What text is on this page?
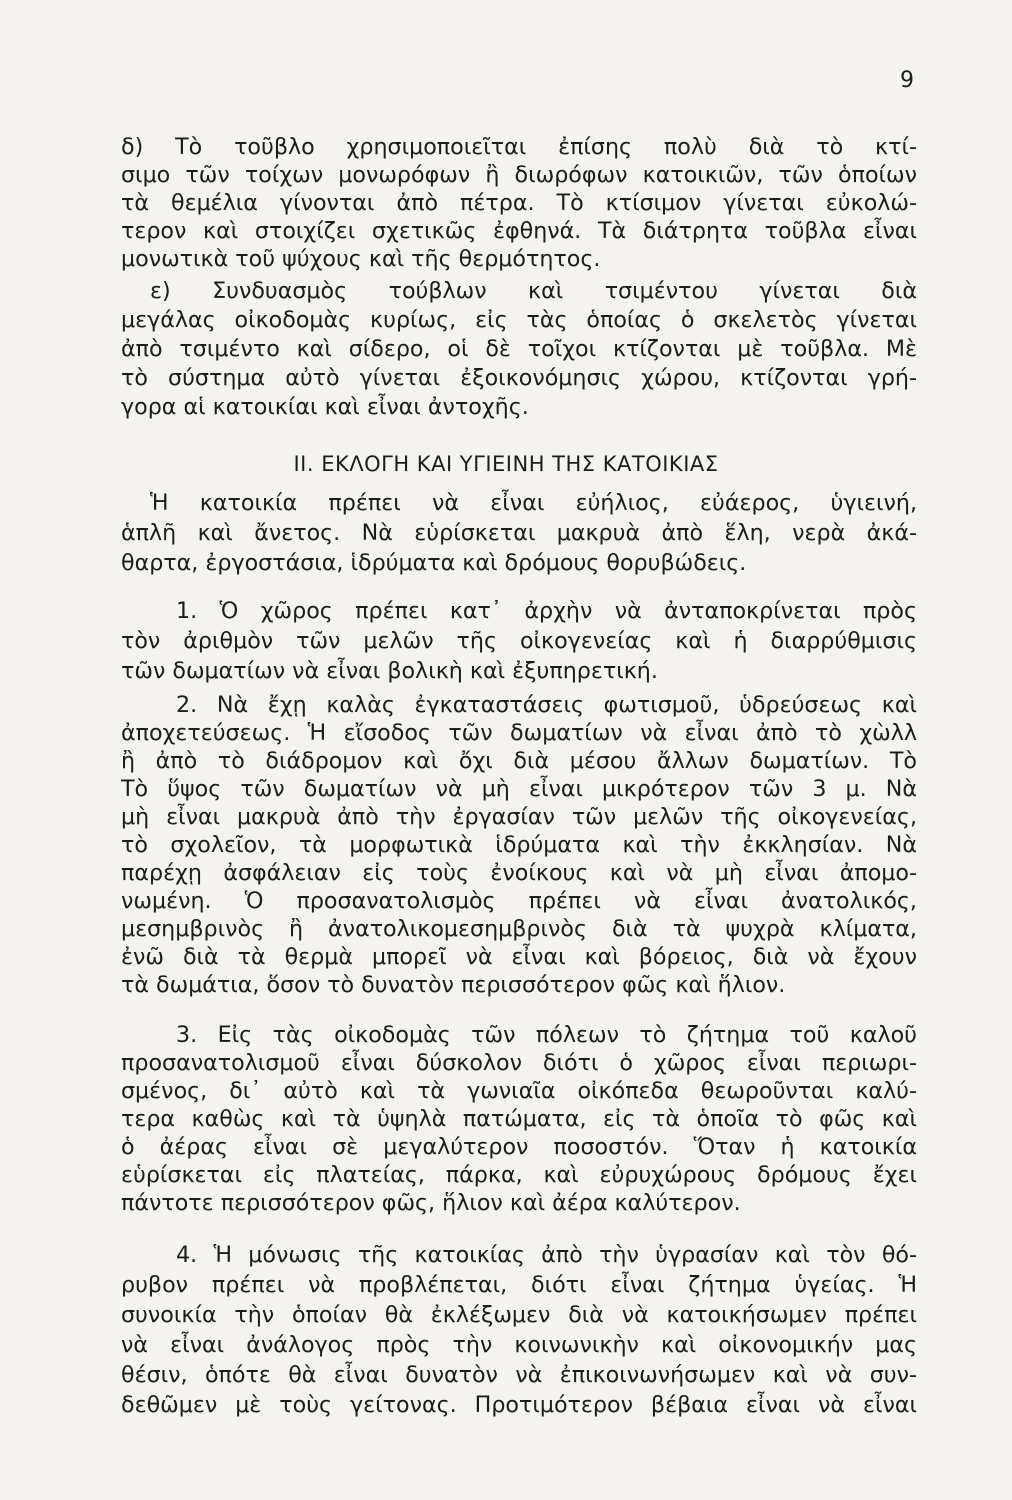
9
δ) Τὸ τοῦβλο χρησιμοποιεῖται ἐπίσης πολὺ διὰ τὸ κτί-
σιμο τῶν τοίχων μονωρόφων ἢ διωρόφων κατοικιῶν, τῶν ὁποίων
τὰ θεμέλια γίνονται ἀπὸ πέτρα. Τὸ κτίσιμον γίνεται εὐκολώ-
τερον καὶ στοιχίζει σχετικῶς ἐφθηνά. Τὰ διάτρητα τοῦβλα εἶναι
μονωτικὰ τοῦ ψύχους καὶ τῆς θερμότητος.
ε) Συνδυασμὸς τούβλων καὶ τσιμέντου γίνεται διὰ
μεγάλας οἰκοδομὰς κυρίως, εἰς τὰς ὁποίας ὁ σκελετὸς γίνεται
ἀπὸ τσιμέντο καὶ σίδερο, οἱ δὲ τοῖχοι κτίζονται μὲ τοῦβλα. Μὲ
τὸ σύστημα αὐτὸ γίνεται ἐξοικονόμησις χώρου, κτίζονται γρή-
γορα αἱ κατοικίαι καὶ εἶναι ἀντοχῆς.
II. ΕΚΛΟΓΗ ΚΑΙ ΥΓΙΕΙΝΗ ΤΗΣ ΚΑΤΟΙΚΙΑΣ
Ἡ κατοικία πρέπει νὰ εἶναι εὐήλιος, εὐάερος, ὑγιεινή,
ἁπλῆ καὶ ἄνετος. Νὰ εὑρίσκεται μακρυὰ ἀπὸ ἕλη, νερὰ ἀκά-
θαρτα, ἐργοστάσια, ἱδρύματα καὶ δρόμους θορυβώδεις.
1. Ὁ χῶρος πρέπει κατ᾽ ἀρχὴν νὰ ἀνταποκρίνεται πρὸς
τὸν ἀριθμὸν τῶν μελῶν τῆς οἰκογενείας καὶ ἡ διαρρύθμισις
τῶν δωματίων νὰ εἶναι βολικὴ καὶ ἐξυπηρετική.
2. Νὰ ἔχῃ καλὰς ἐγκαταστάσεις φωτισμοῦ, ὑδρεύσεως καὶ
ἀποχετεύσεως. Ἡ εἴσοδος τῶν δωματίων νὰ εἶναι ἀπὸ τὸ χὼλλ
ἢ ἀπὸ τὸ διάδρομον καὶ ὄχι διὰ μέσου ἄλλων δωματίων. Τὸ
Τὸ ὕψος τῶν δωματίων νὰ μὴ εἶναι μικρότερον τῶν 3 μ. Νὰ
μὴ εἶναι μακρυὰ ἀπὸ τὴν ἐργασίαν τῶν μελῶν τῆς οἰκογενείας,
τὸ σχολεῖον, τὰ μορφωτικὰ ἱδρύματα καὶ τὴν ἐκκλησίαν. Νὰ
παρέχῃ ἀσφάλειαν εἰς τοὺς ἐνοίκους καὶ νὰ μὴ εἶναι ἀπομο-
νωμένη. Ὁ προσανατολισμὸς πρέπει νὰ εἶναι ἀνατολικός,
μεσημβρινὸς ἢ ἀνατολικομεσημβρινὸς διὰ τὰ ψυχρὰ κλίματα,
ἐνῶ διὰ τὰ θερμὰ μπορεῖ νὰ εἶναι καὶ βόρειος, διὰ νὰ ἔχουν
τὰ δωμάτια, ὅσον τὸ δυνατὸν περισσότερον φῶς καὶ ἥλιον.
3. Εἰς τὰς οἰκοδομὰς τῶν πόλεων τὸ ζήτημα τοῦ καλοῦ
προσανατολισμοῦ εἶναι δύσκολον διότι ὁ χῶρος εἶναι περιωρι-
σμένος, δι᾽ αὐτὸ καὶ τὰ γωνιαῖα οἰκόπεδα θεωροῦνται καλύ-
τερα καθὼς καὶ τὰ ὑψηλὰ πατώματα, εἰς τὰ ὁποῖα τὸ φῶς καὶ
ὁ ἀέρας εἶναι σὲ μεγαλύτερον ποσοστόν. Ὅταν ἡ κατοικία
εὑρίσκεται εἰς πλατείας, πάρκα, καὶ εὐρυχώρους δρόμους ἔχει
πάντοτε περισσότερον φῶς, ἥλιον καὶ ἀέρα καλύτερον.
4. Ἡ μόνωσις τῆς κατοικίας ἀπὸ τὴν ὑγρασίαν καὶ τὸν θό-
ρυβον πρέπει νὰ προβλέπεται, διότι εἶναι ζήτημα ὑγείας. Ἡ
συνοικία τὴν ὁποίαν θὰ ἐκλέξωμεν διὰ νὰ κατοικήσωμεν πρέπει
νὰ εἶναι ἀνάλογος πρὸς τὴν κοινωνικὴν καὶ οἰκονομικήν μας
θέσιν, ὁπότε θὰ εἶναι δυνατὸν νὰ ἐπικοινωνήσωμεν καὶ νὰ συν-
δεθῶμεν μὲ τοὺς γείτονας. Προτιμότερον βέβαια εἶναι νὰ εἶναι
